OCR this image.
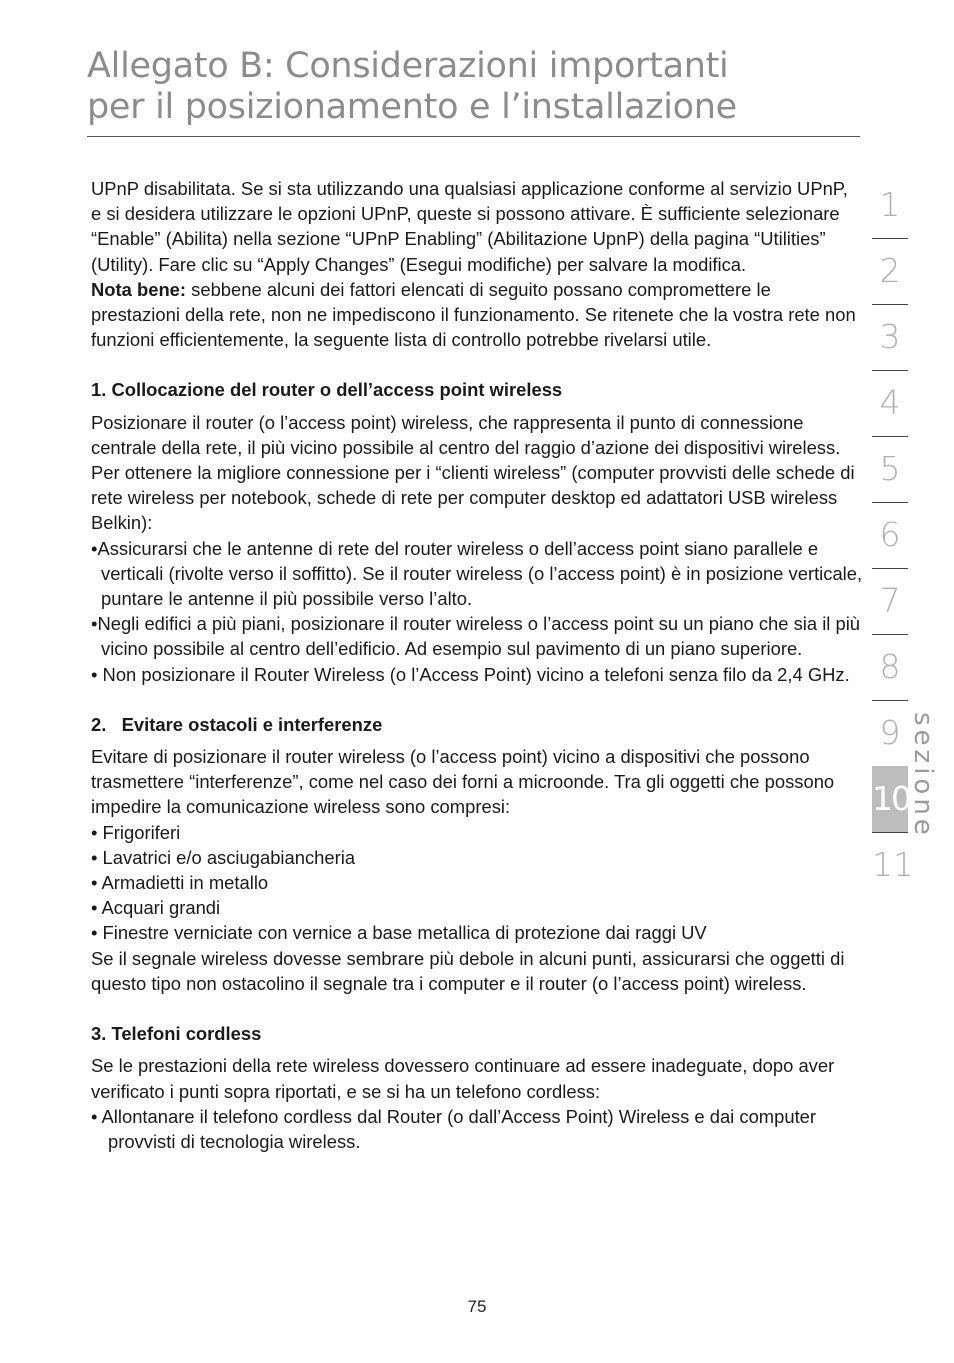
Allegato B: Considerazioni importanti
per il posizionamento e l’installazione

UPnP disabilitata. Se si sta utilizzando una qualsiasi applicazione conforme al servizio UPnP, e si desidera utilizzare le opzioni UPnP, queste si possono attivare. È sufficiente selezionare “Enable” (Abilita) nella sezione “UPnP Enabling” (Abilitazione UpnP) della pagina “Utilities” (Utility). Fare clic su “Apply Changes” (Esegui modifiche) per salvare la modifica.

Nota bene: sebbene alcuni dei fattori elencati di seguito possano compromettere le prestazioni della rete, non ne impediscono il funzionamento. Se ritenete che la vostra rete non funzioni efficientemente, la seguente lista di controllo potrebbe rivelarsi utile.

1. Collocazione del router o dell’access point wireless

Posizionare il router (o l’access point) wireless, che rappresenta il punto di connessione centrale della rete, il più vicino possibile al centro del raggio d’azione dei dispositivi wireless.

Per ottenere la migliore connessione per i “clienti wireless” (computer provvisti delle schede di rete wireless per notebook, schede di rete per computer desktop ed adattatori USB wireless Belkin):

•Assicurarsi che le antenne di rete del router wireless o dell’access point siano parallele e verticali (rivolte verso il soffitto). Se il router wireless (o l’access point) è in posizione verticale, puntare le antenne il più possibile verso l’alto.

•Negli edifici a più piani, posizionare il router wireless o l’access point su un piano che sia il più vicino possibile al centro dell’edificio. Ad esempio sul pavimento di un piano superiore.

• Non posizionare il Router Wireless (o l’Access Point) vicino a telefoni senza filo da 2,4 GHz.

2.   Evitare ostacoli e interferenze

Evitare di posizionare il router wireless (o l’access point) vicino a dispositivi che possono trasmettere “interferenze”, come nel caso dei forni a microonde. Tra gli oggetti che possono impedire la comunicazione wireless sono compresi:

• Frigoriferi

• Lavatrici e/o asciugabiancheria

• Armadietti in metallo

• Acquari grandi

• Finestre verniciate con vernice a base metallica di protezione dai raggi UV

Se il segnale wireless dovesse sembrare più debole in alcuni punti, assicurarsi che oggetti di questo tipo non ostacolino il segnale tra i computer e il router (o l’access point) wireless.

3. Telefoni cordless

Se le prestazioni della rete wireless dovessero continuare ad essere inadeguate, dopo aver verificato i punti sopra riportati, e se si ha un telefono cordless:

• Allontanare il telefono cordless dal Router (o dall’Access Point) Wireless e dai computer provvisti di tecnologia wireless.

1
2
3
4
5
6
7
8
9
10
11
sezione
75
